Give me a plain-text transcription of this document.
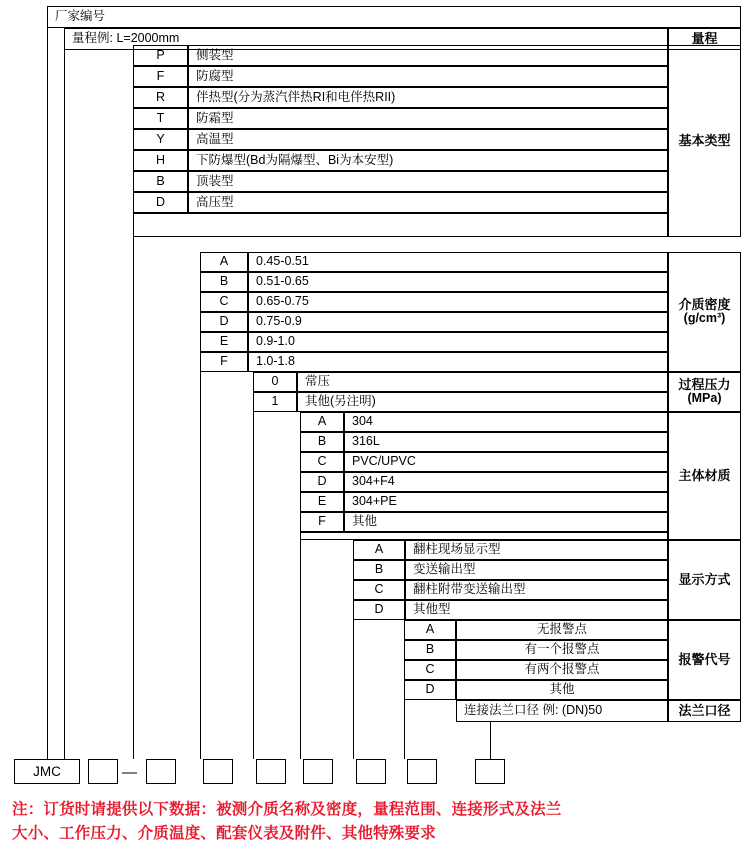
厂家编号
量程例: L=2000mm	量程
P	侧装型
F	防腐型
R 伴热型(分为蒸汽伴热RI和电伴热RII)
T	防霜型
Y	高温型
H 下防爆型(Bd为隔爆型、Bi为本安型)
B	顶装型
D 高压型
基本类型
A 0.45-0.51
B 0.51-0.65
C 0.65-0.75
D 0.75-0.9
E 0.9-1.0
F 1.0-1.8
介质密度
(g/cm³)
0 常压
1 其他(另注明)
过程压力
(MPa)
A 304
B 316L
C PVC/UPVC
D 304+F4
E 304+PE
F 其他
主体材质
A 翻柱现场显示型
B 变送输出型
C 翻柱附带变送输出型
D 其他型
显示方式
A	无报警点
B	有一个报警点
C	有两个报警点
D	其他
报警代号
连接法兰口径 例: (DN)50	法兰口径
JMC	—
注：订货时请提供以下数据：被测介质名称及密度，量程范围、连接形式及法兰
大小、工作压力、介质温度、配套仪表及附件、其他特殊要求
